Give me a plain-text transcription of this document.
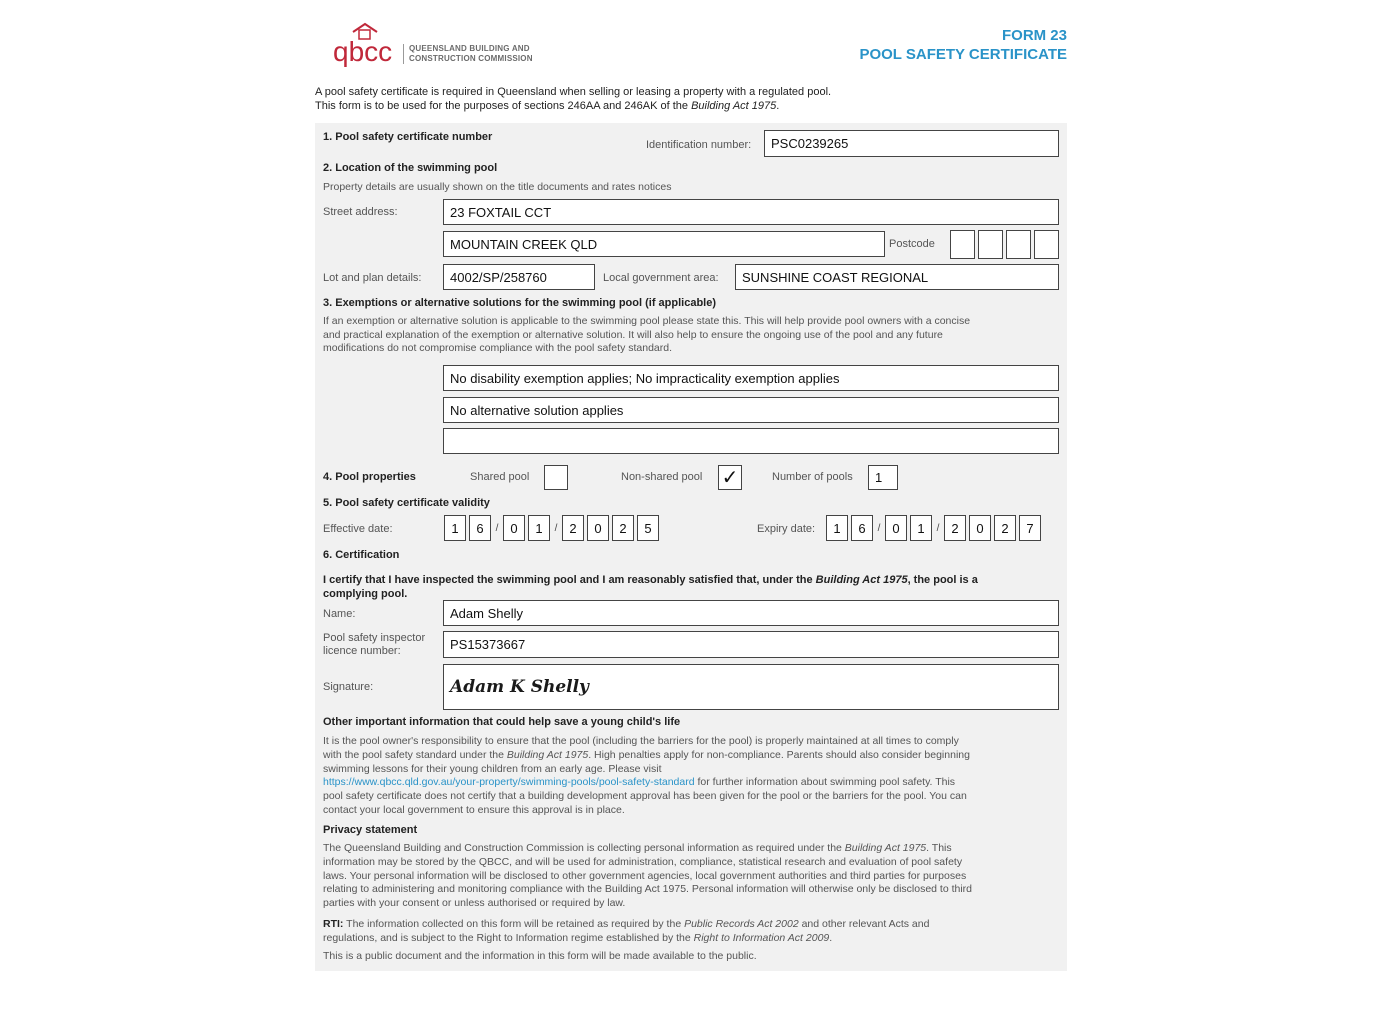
qbcc QUEENSLAND BUILDING AND
CONSTRUCTION COMMISSION
FORM 23
POOL SAFETY CERTIFICATE
A pool safety certificate is required in Queensland when selling or leasing a property with a regulated pool.
This form is to be used for the purposes of sections 246AA and 246AK of the Building Act 1975.
1. Pool safety certificate number
Identification number:	PSC0239265
2. Location of the swimming pool
Property details are usually shown on the title documents and rates notices
Street address:	23 FOXTAIL CCT
MOUNTAIN CREEK QLD	Postcode
Lot and plan details:	4002/SP/258760	Local government area:	SUNSHINE COAST REGIONAL
3. Exemptions or alternative solutions for the swimming pool (if applicable)
If an exemption or alternative solution is applicable to the swimming pool please state this. This will help provide pool owners with a concise
and practical explanation of the exemption or alternative solution. It will also help to ensure the ongoing use of the pool and any future
modifications do not compromise compliance with the pool safety standard.
No disability exemption applies; No impracticality exemption applies
No alternative solution applies
4. Pool properties	Shared pool	Non-shared pool ✓	Number of pools	1
5. Pool safety certificate validity
Effective date:	1	6	/ 0	1	/ 2	0	2	5	Expiry date:	1	6	/ 0	1	/ 2	0	2	7
6. Certification
I certify that I have inspected the swimming pool and I am reasonably satisfied that, under the Building Act 1975, the pool is a
complying pool.
Name:	Adam Shelly
Pool safety inspector
licence number:	PS15373667
Signature:	Adam K Shelly
Other important information that could help save a young child's life
It is the pool owner's responsibility to ensure that the pool (including the barriers for the pool) is properly maintained at all times to comply
with the pool safety standard under the Building Act 1975. High penalties apply for non-compliance. Parents should also consider beginning
swimming lessons for their young children from an early age. Please visit
https://www.qbcc.qld.gov.au/your-property/swimming-pools/pool-safety-standard for further information about swimming pool safety. This
pool safety certificate does not certify that a building development approval has been given for the pool or the barriers for the pool. You can
contact your local government to ensure this approval is in place.
Privacy statement
The Queensland Building and Construction Commission is collecting personal information as required under the Building Act 1975. This
information may be stored by the QBCC, and will be used for administration, compliance, statistical research and evaluation of pool safety
laws. Your personal information will be disclosed to other government agencies, local government authorities and third parties for purposes
relating to administering and monitoring compliance with the Building Act 1975. Personal information will otherwise only be disclosed to third
parties with your consent or unless authorised or required by law.
RTI: The information collected on this form will be retained as required by the Public Records Act 2002 and other relevant Acts and
regulations, and is subject to the Right to Information regime established by the Right to Information Act 2009.
This is a public document and the information in this form will be made available to the public.
